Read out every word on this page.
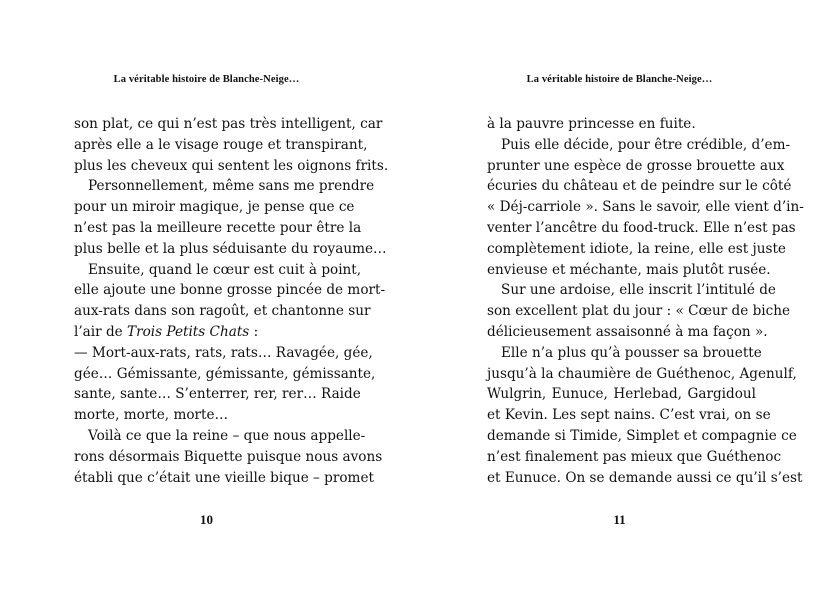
La véritable histoire de Blanche-Neige…
son plat, ce qui n’est pas très intelligent, car
après elle a le visage rouge et transpirant,
plus les cheveux qui sentent les oignons frits.
Personnellement, même sans me prendre
pour un miroir magique, je pense que ce
n’est pas la meilleure recette pour être la
plus belle et la plus séduisante du royaume…
Ensuite, quand le cœur est cuit à point,
elle ajoute une bonne grosse pincée de mort-
aux-rats dans son ragoût, et chantonne sur
l’air de Trois Petits Chats :
— Mort-aux-rats, rats, rats… Ravagée, gée,
gée… Gémissante, gémissante, gémissante,
sante, sante… S’enterrer, rer, rer… Raide
morte, morte, morte…
Voilà ce que la reine – que nous appelle-
rons désormais Biquette puisque nous avons
établi que c’était une vieille bique – promet
10
La véritable histoire de Blanche-Neige…
à la pauvre princesse en fuite.
Puis elle décide, pour être crédible, d’em-
prunter une espèce de grosse brouette aux
écuries du château et de peindre sur le côté
« Déj-carriole ». Sans le savoir, elle vient d’in-
venter l’ancêtre du food-truck. Elle n’est pas
complètement idiote, la reine, elle est juste
envieuse et méchante, mais plutôt rusée.
Sur une ardoise, elle inscrit l’intitulé de
son excellent plat du jour : « Cœur de biche
délicieusement assaisonné à ma façon ».
Elle n’a plus qu’à pousser sa brouette
jusqu’à la chaumière de Guéthenoc, Agenulf,
Wulgrin, Eunuce, Herlebad, Gargidoul
et Kevin. Les sept nains. C’est vrai, on se
demande si Timide, Simplet et compagnie ce
n’est finalement pas mieux que Guéthenoc
et Eunuce. On se demande aussi ce qu’il s’est
11
